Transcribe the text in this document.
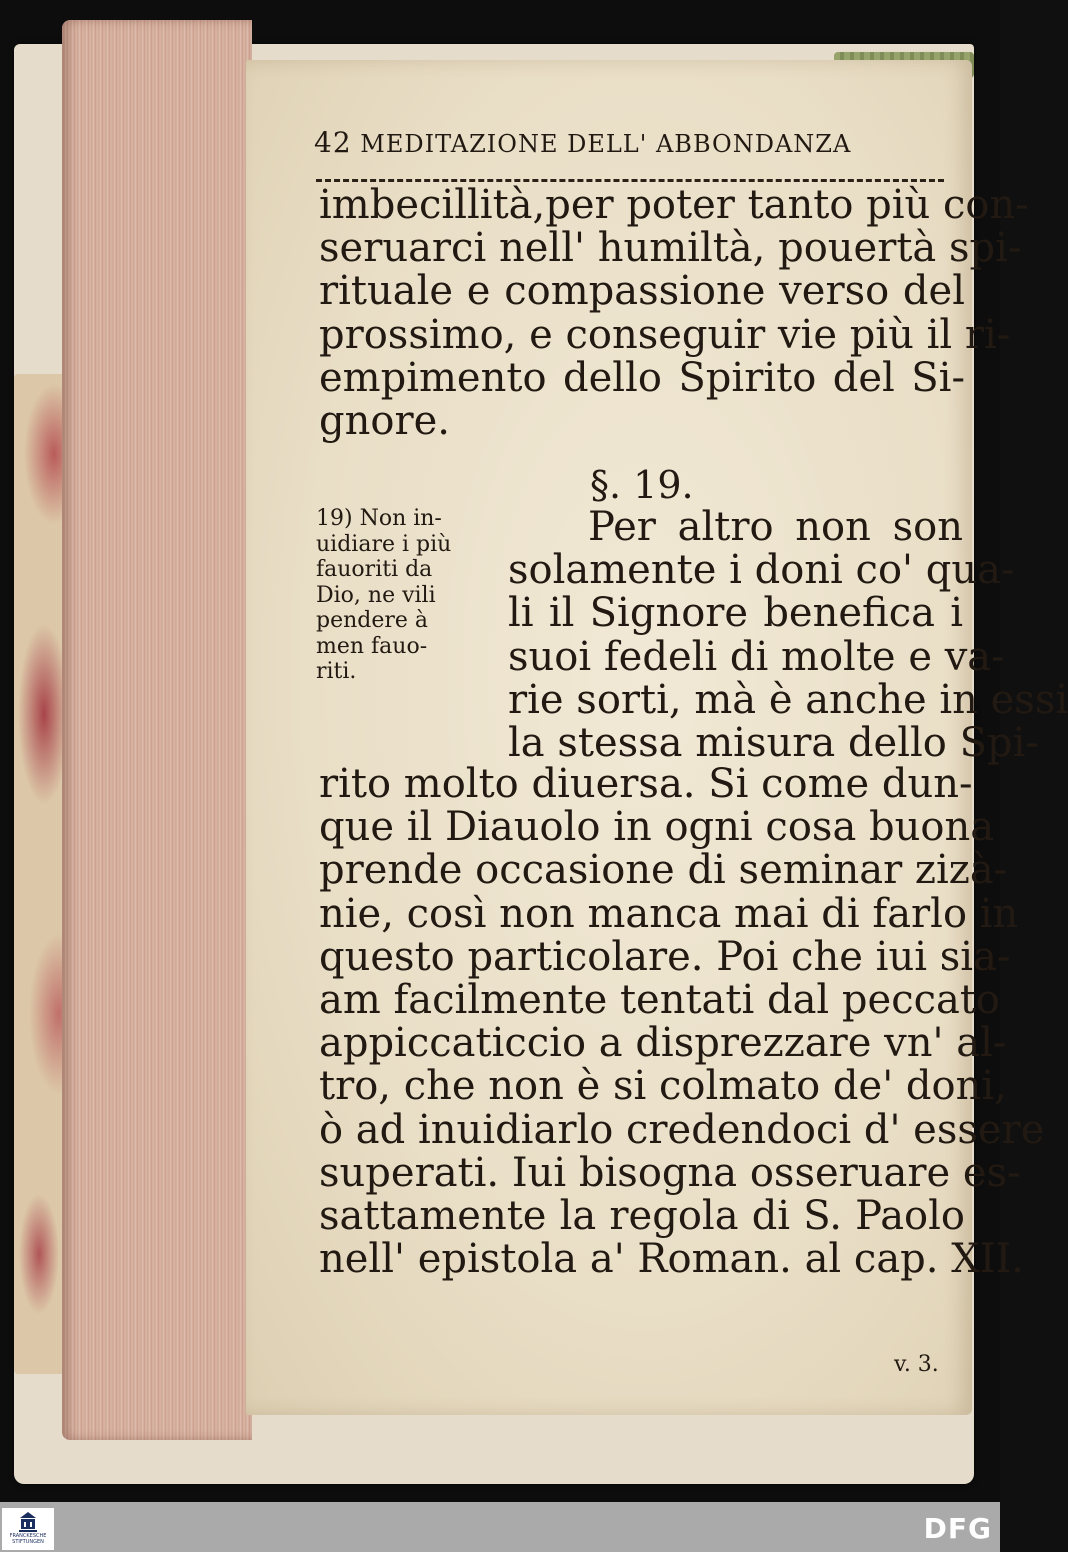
42 MEDITAZIONE DELL' ABBONDANZA
imbecillità,per poter tanto più con-
seruarci nell' humiltà, pouertà spi-
rituale e compassione verso del
prossimo, e conseguir vie più il ri-
empimento dello Spirito del Si-
gnore.
§. 19.
19) Non in-
uidiare i più
fauoriti da
Dio, ne vili
pendere à
men fauo-
riti.
Per altro non son
solamente i doni co' qua-
li il Signore benefica i
suoi fedeli di molte e va-
rie sorti, mà è anche in essi
la stessa misura dello Spi-
rito molto diuersa. Si come dun-
que il Diauolo in ogni cosa buona
prende occasione di seminar zizà-
nie, così non manca mai di farlo in
questo particolare. Poi che iui sia-
am facilmente tentati dal peccato
appiccaticcio a disprezzare vn' al-
tro, che non è si colmato de' doni,
ò ad inuidiarlo credendoci d' essere
superati. Iui bisogna osseruare es-
sattamente la regola di S. Paolo
nell' epistola a' Roman. al cap. XII.
v. 3.
FRANCKESCHE
STIFTUNGEN	DFG
